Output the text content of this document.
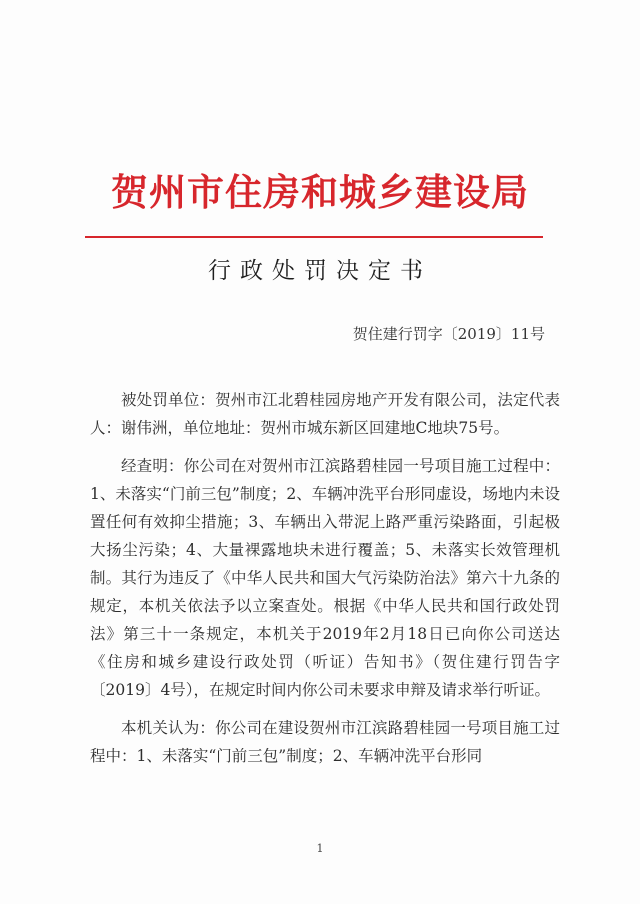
贺州市住房和城乡建设局
行政处罚决定书
贺住建行罚字〔2019〕11号

被处罚单位：贺州市江北碧桂园房地产开发有限公司，法定代表人：谢伟洲，单位地址：贺州市城东新区回建地C地块75号。

经查明：你公司在对贺州市江滨路碧桂园一号项目施工过程中：1、未落实“门前三包”制度；2、车辆冲洗平台形同虚设，场地内未设置任何有效抑尘措施；3、车辆出入带泥上路严重污染路面，引起极大扬尘污染；4、大量裸露地块未进行覆盖；5、未落实长效管理机制。其行为违反了《中华人民共和国大气污染防治法》第六十九条的规定，本机关依法予以立案查处。根据《中华人民共和国行政处罚法》第三十一条规定，本机关于2019年2月18日已向你公司送达《住房和城乡建设行政处罚（听证）告知书》（贺住建行罚告字〔2019〕4号），在规定时间内你公司未要求申辩及请求举行听证。

本机关认为：你公司在建设贺州市江滨路碧桂园一号项目施工过程中：1、未落实“门前三包”制度；2、车辆冲洗平台形同

1
